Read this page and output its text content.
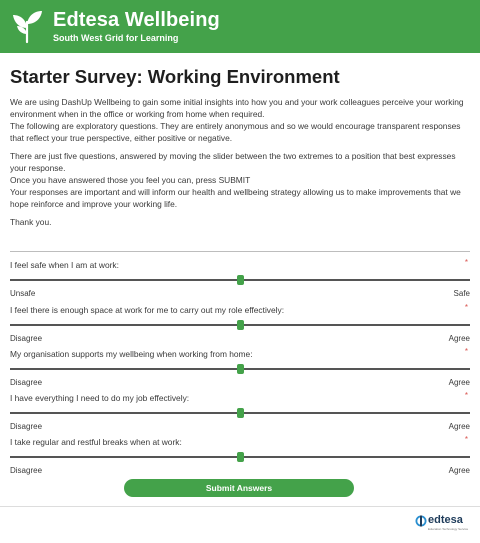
Edtesa Wellbeing
South West Grid for Learning
Starter Survey: Working Environment

We are using DashUp Wellbeing to gain some initial insights into how you and your work colleagues perceive your working environment when in the office or working from home when required.

The following are exploratory questions. They are entirely anonymous and so we would encourage transparent responses that reflect your true perspective, either positive or negative.

There are just five questions, answered by moving the slider between the two extremes to a position that best expresses your response.

Once you have answered those you feel you can, press SUBMIT

Your responses are important and will inform our health and wellbeing strategy allowing us to make improvements that we hope reinforce and improve your working life.

Thank you.

I feel safe when I am at work:	*
Unsafe	Safe
I feel there is enough space at work for me to carry out my role effectively:	*
Disagree	Agree
My organisation supports my wellbeing when working from home:	*
Disagree	Agree
I have everything I need to do my job effectively:	*
Disagree	Agree
I take regular and restful breaks when at work:	*
Disagree	Agree
Submit Answers
edtesa
Education Technology Service
